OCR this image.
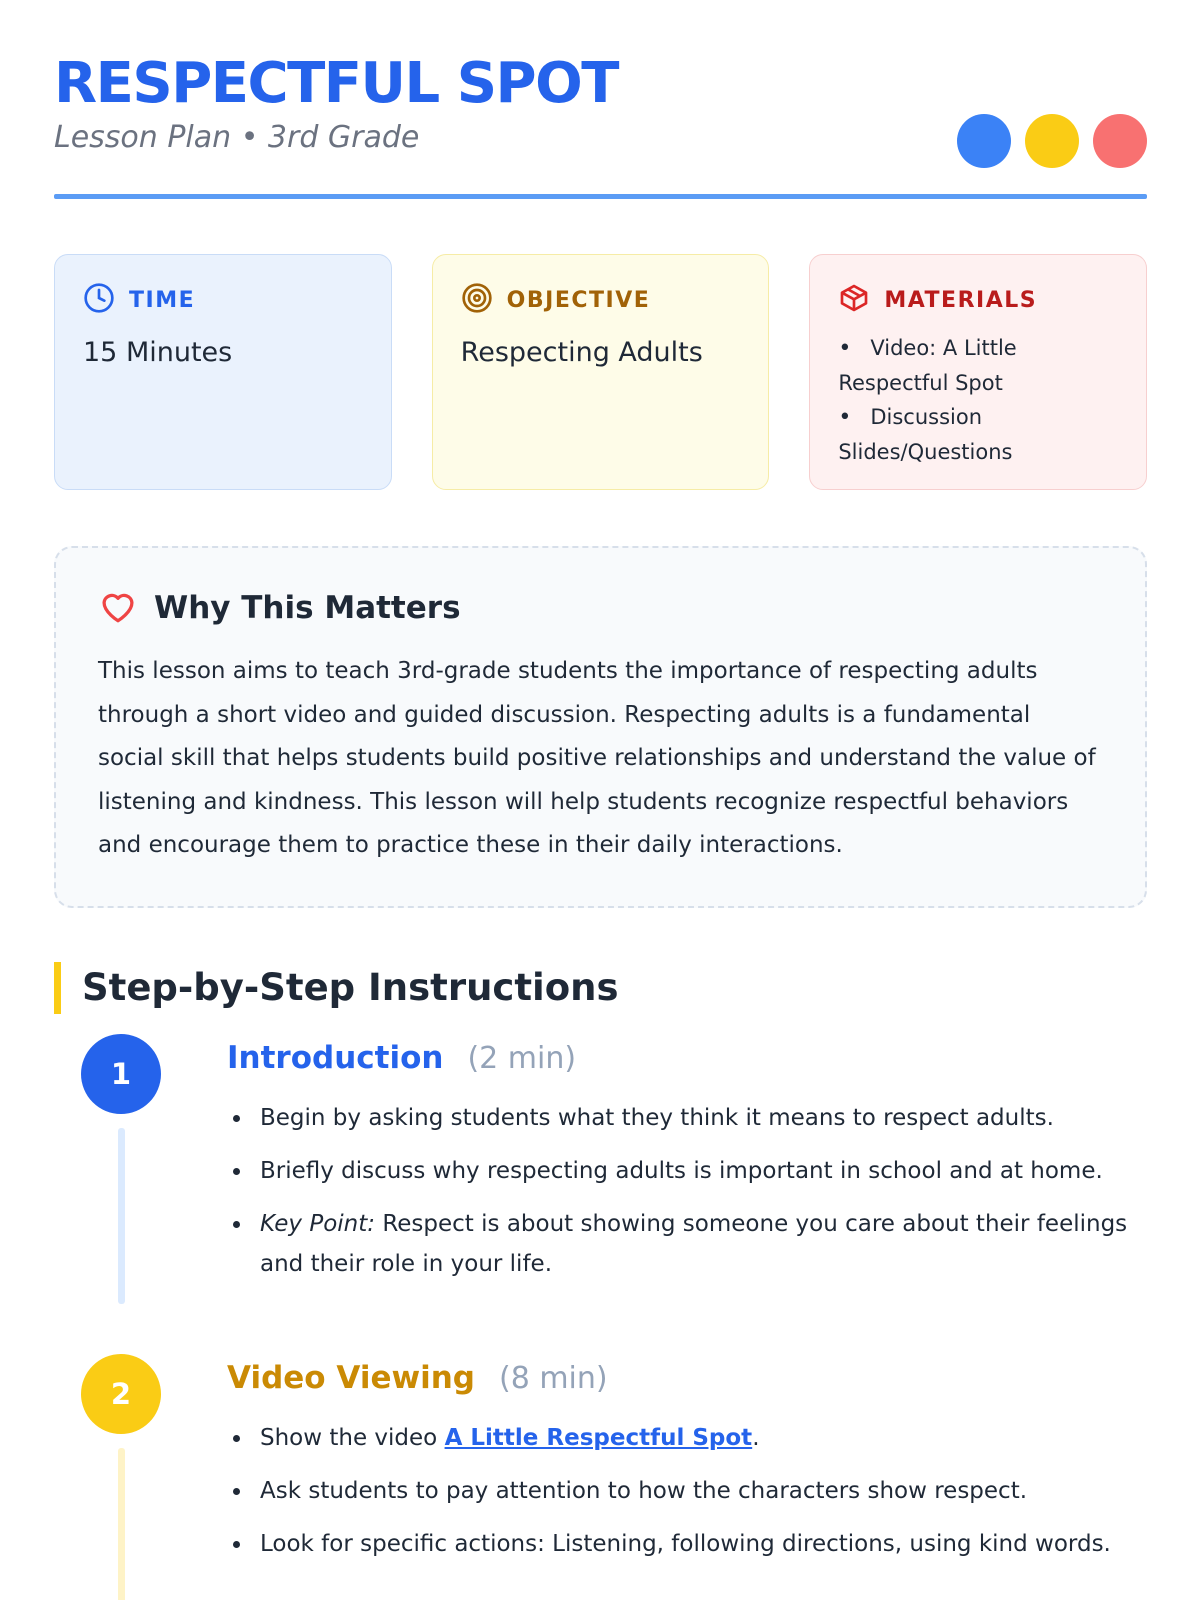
RESPECTFUL SPOT
Lesson Plan • 3rd Grade
TIME
15 Minutes
OBJECTIVE
Respecting Adults
MATERIALS
• Video: A Little Respectful Spot
• Discussion Slides/Questions
Why This Matters

This lesson aims to teach 3rd-grade students the importance of respecting adults through a short video and guided discussion. Respecting adults is a fundamental social skill that helps students build positive relationships and understand the value of listening and kindness. This lesson will help students recognize respectful behaviors and encourage them to practice these in their daily interactions.

Step-by-Step Instructions
1	Introduction (2 min)
Begin by asking students what they think it means to respect adults.
Briefly discuss why respecting adults is important in school and at home.
Key Point: Respect is about showing someone you care about their feelings and their role in your life.
2	Video Viewing (8 min)
Show the video A Little Respectful Spot.
Ask students to pay attention to how the characters show respect.
Look for specific actions: Listening, following directions, using kind words.
